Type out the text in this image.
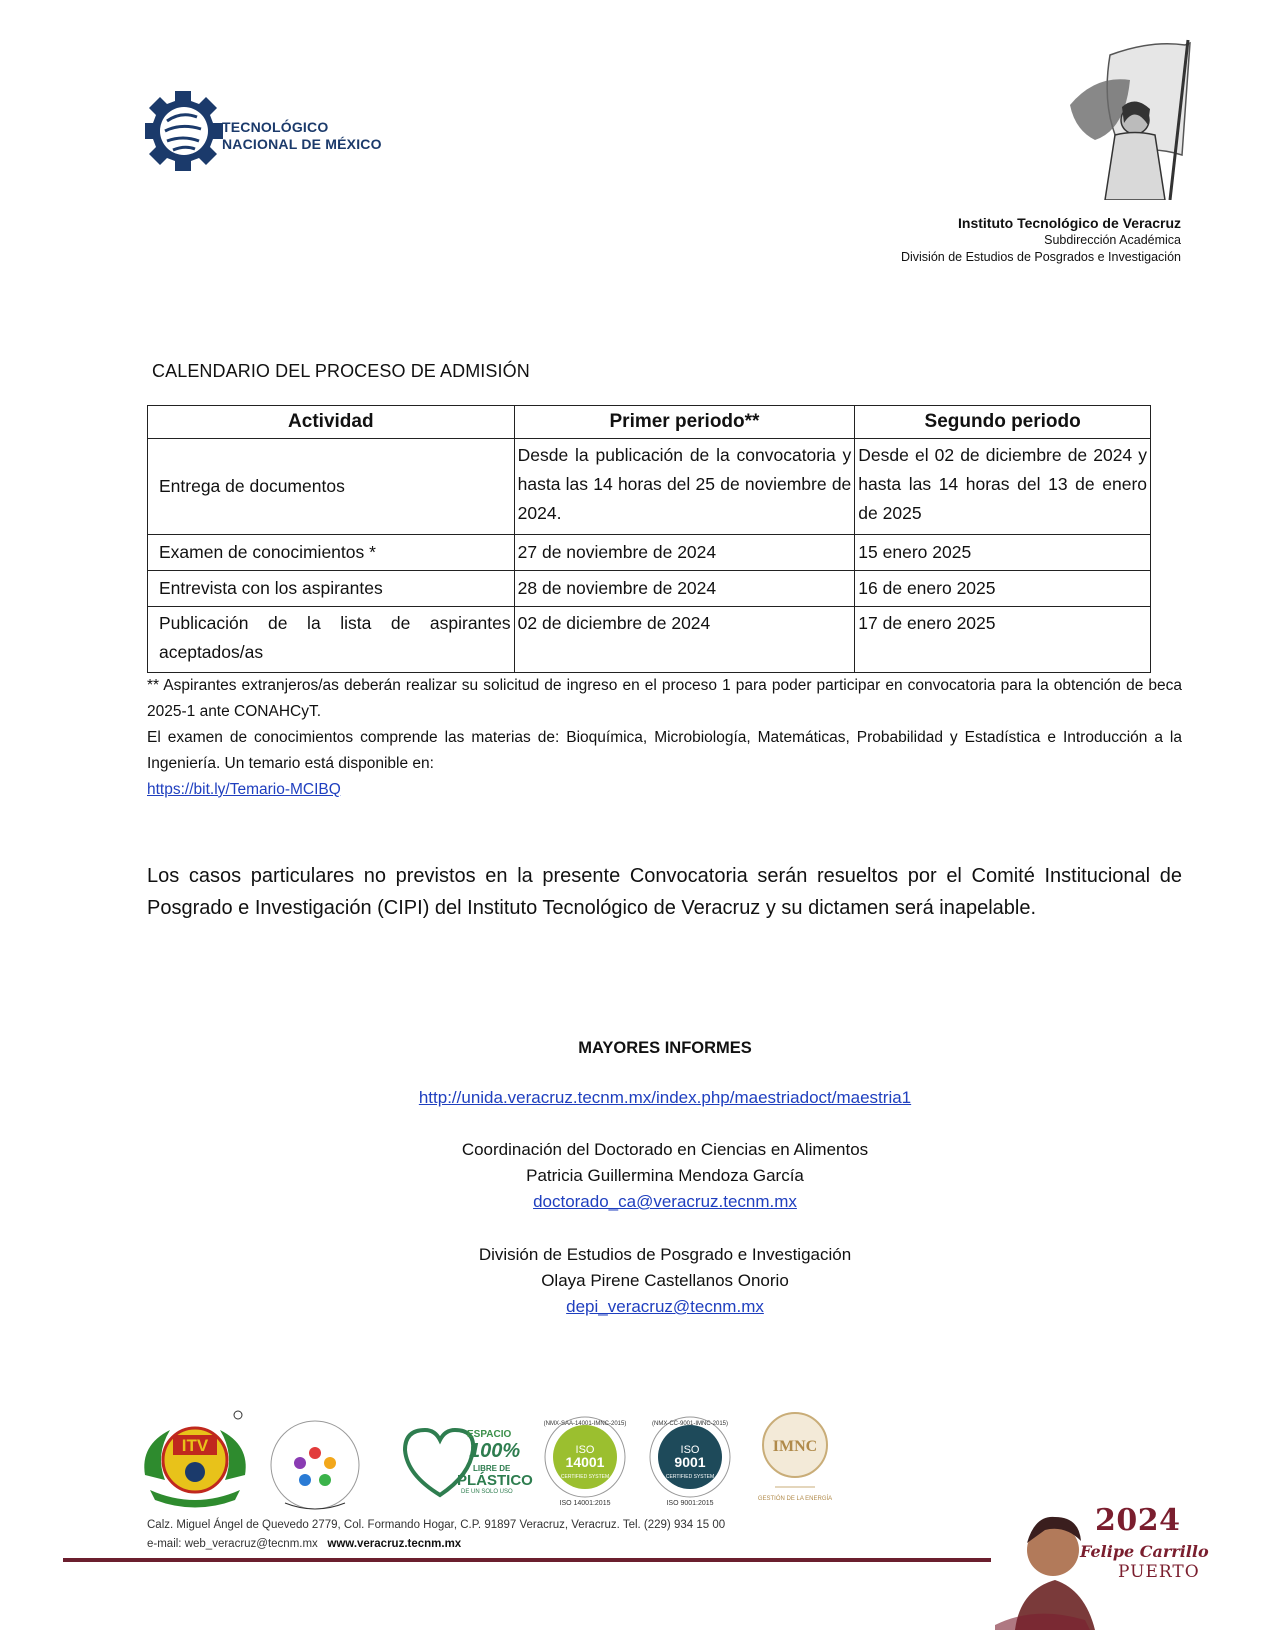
TECNOLÓGICO
NACIONAL DE MÉXICO
Instituto Tecnológico de Veracruz
Subdirección Académica
División de Estudios de Posgrados e Investigación
CALENDARIO DEL PROCESO DE ADMISIÓN
Actividad	Primer periodo**	Segundo periodo
Entrega de documentos	Desde la publicación de la convocatoria y hasta las 14 horas del 25 de noviembre de 2024.	Desde el 02 de diciembre de 2024 y hasta las 14 horas del 13 de enero de 2025
Examen de conocimientos *	27 de noviembre de 2024	15 enero 2025
Entrevista con los aspirantes	28 de noviembre de 2024	16 de enero 2025
Publicación de la lista de aspirantes aceptados/as	02 de diciembre de 2024	17 de enero 2025

** Aspirantes extranjeros/as deberán realizar su solicitud de ingreso en el proceso 1 para poder participar en convocatoria para la obtención de beca 2025-1 ante CONAHCyT.

El examen de conocimientos comprende las materias de: Bioquímica, Microbiología, Matemáticas, Probabilidad y Estadística e Introducción a la Ingeniería. Un temario está disponible en:

https://bit.ly/Temario-MCIBQ

Los casos particulares no previstos en la presente Convocatoria serán resueltos por el Comité Institucional de Posgrado e Investigación (CIPI) del Instituto Tecnológico de Veracruz y su dictamen será inapelable.
MAYORES INFORMES
http://unida.veracruz.tecnm.mx/index.php/maestriadoct/maestria1
Coordinación del Doctorado en Ciencias en Alimentos
Patricia Guillermina Mendoza García
doctorado_ca@veracruz.tecnm.mx
División de Estudios de Posgrado e Investigación
Olaya Pirene Castellanos Onorio
depi_veracruz@tecnm.mx
ITV
ESPACIO
100%
LIBRE DE
PLÁSTICO
DE UN SOLO USO
(NMX-SAA-14001-IMNC-2015)
ISO
14001
CERTIFIED SYSTEM
ISO 14001:2015
(NMX-CC-9001-IMNC-2015)
ISO
9001
CERTIFIED SYSTEM
ISO 9001:2015
IMNC
GESTIÓN DE LA ENERGÍA
Calz. Miguel Ángel de Quevedo 2779, Col. Formando Hogar, C.P. 91897 Veracruz, Veracruz. Tel. (229) 934 15 00
e-mail: web_veracruz@tecnm.mx www.veracruz.tecnm.mx
2024
Felipe Carrillo
PUERTO
